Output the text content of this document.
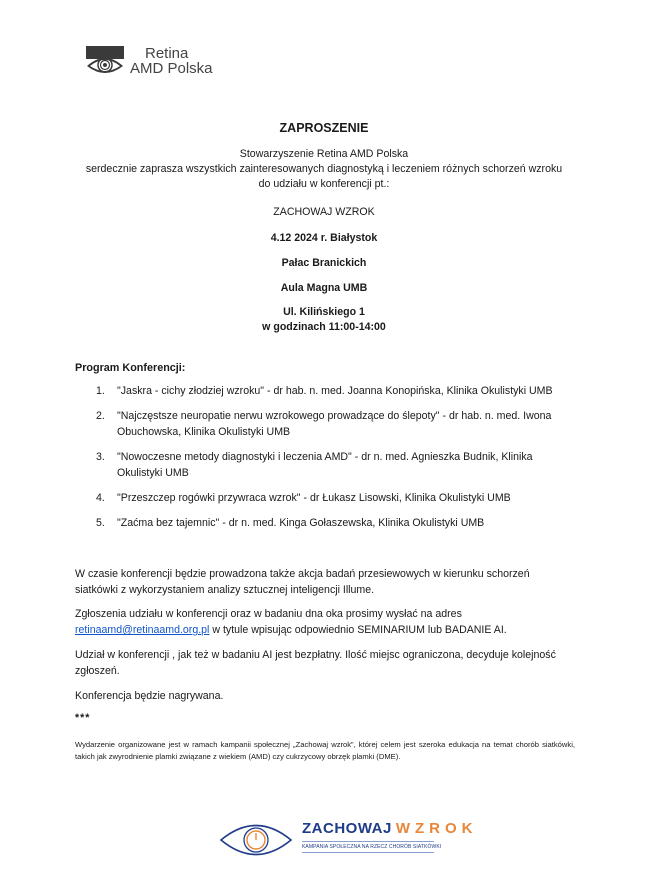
Retina
AMD Polska
ZAPROSZENIE
Stowarzyszenie Retina AMD Polska
serdecznie zaprasza wszystkich zainteresowanych diagnostyką i leczeniem różnych schorzeń wzroku
do udziału w konferencji pt.:
ZACHOWAJ WZROK
4.12 2024 r. Białystok
Pałac Branickich
Aula Magna UMB
Ul. Kilińskiego 1
w godzinach 11:00-14:00
Program Konferencji:
1.	"Jaskra - cichy złodziej wzroku" - dr hab. n. med. Joanna Konopińska, Klinika Okulistyki UMB
2.	"Najczęstsze neuropatie nerwu wzrokowego prowadzące do ślepoty" - dr hab. n. med. Iwona Obuchowska, Klinika Okulistyki UMB
3.	"Nowoczesne metody diagnostyki i leczenia AMD" - dr n. med. Agnieszka Budnik, Klinika Okulistyki UMB
4.	"Przeszczep rogówki przywraca wzrok" - dr Łukasz Lisowski, Klinika Okulistyki UMB
5.	"Zaćma bez tajemnic" - dr n. med. Kinga Gołaszewska, Klinika Okulistyki UMB
W czasie konferencji będzie prowadzona także akcja badań przesiewowych w kierunku schorzeń siatkówki z wykorzystaniem analizy sztucznej inteligencji Illume.
Zgłoszenia udziału w konferencji oraz w badaniu dna oka prosimy wysłać na adres
retinaamd@retinaamd.org.pl w tytule wpisując odpowiednio SEMINARIUM lub BADANIE AI.
Udział w konferencji , jak też w badaniu AI jest bezpłatny. Ilość miejsc ograniczona, decyduje kolejność zgłoszeń.
Konferencja będzie nagrywana.
***
Wydarzenie organizowane jest w ramach kampanii społecznej „Zachowaj wzrok”, której celem jest szeroka edukacja na temat chorób siatkówki, takich jak zwyrodnienie plamki związane z wiekiem (AMD) czy cukrzycowy obrzęk plamki (DME).
ZACHOWAJ WZROK
KAMPANIA SPOŁECZNA NA RZECZ CHORÓB SIATKÓWKI
